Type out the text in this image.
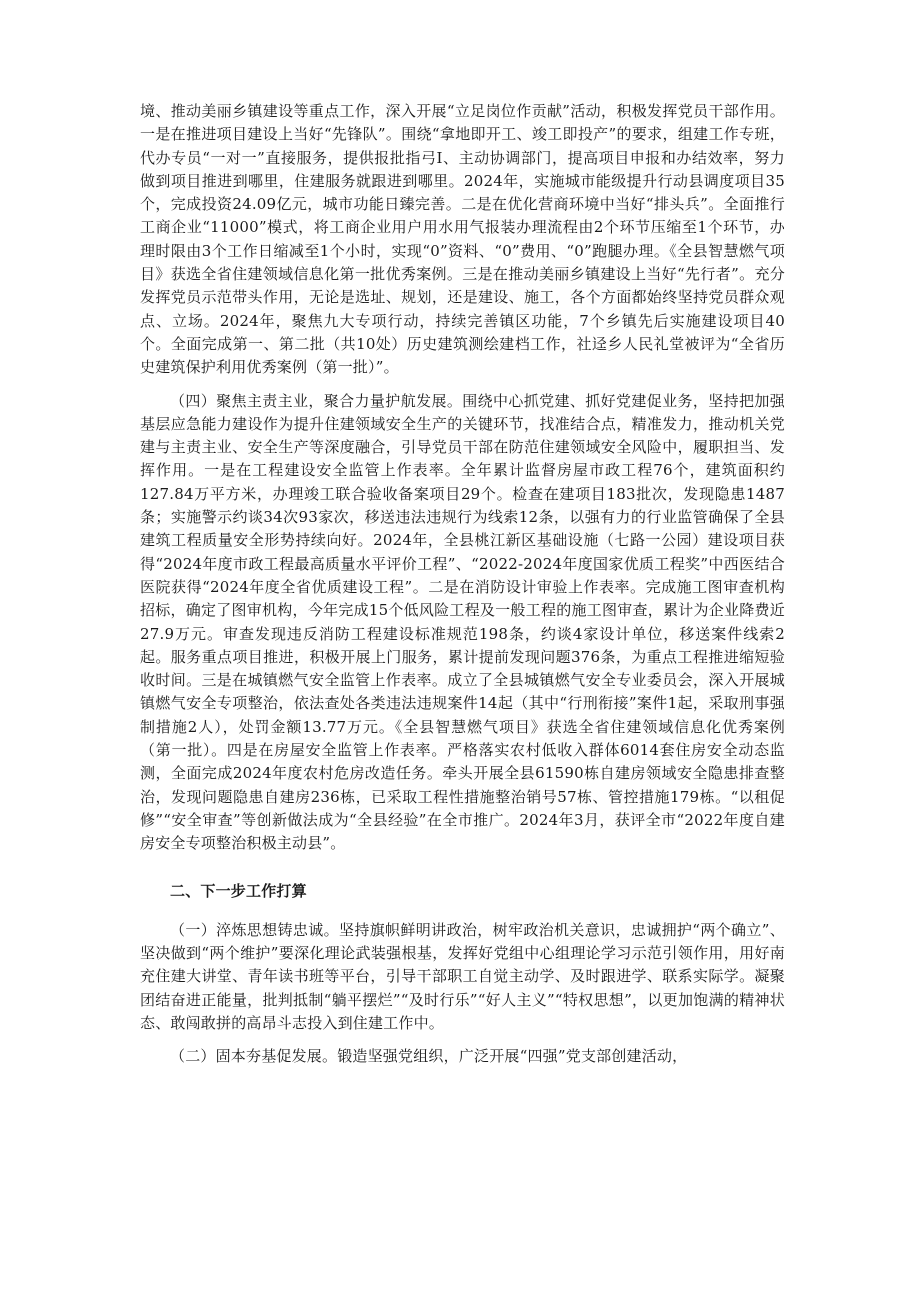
境、推动美丽乡镇建设等重点工作，深入开展“立足岗位作贡献”活动，积极发挥党员干部作用。一是在推进项目建设上当好“先锋队”。围绕“拿地即开工、竣工即投产”的要求，组建工作专班，代办专员“一对一”直接服务，提供报批指弓I、主动协调部门，提高项目申报和办结效率，努力做到项目推进到哪里，住建服务就跟进到哪里。2024年，实施城市能级提升行动县调度项目35个，完成投资24.09亿元，城市功能日臻完善。二是在优化营商环境中当好“排头兵”。全面推行工商企业“11000”模式，将工商企业用户用水用气报装办理流程由2个环节压缩至1个环节，办理时限由3个工作日缩减至1个小时，实现“0”资料、“0”费用、“0”跑腿办理。《全县智慧燃气项目》获选全省住建领域信息化第一批优秀案例。三是在推动美丽乡镇建设上当好“先行者”。充分发挥党员示范带头作用，无论是选址、规划，还是建设、施工，各个方面都始终坚持党员群众观点、立场。2024年，聚焦九大专项行动，持续完善镇区功能，7个乡镇先后实施建设项目40个。全面完成第一、第二批（共10处）历史建筑测绘建档工作，社迳乡人民礼堂被评为“全省历史建筑保护利用优秀案例（第一批）”。

（四）聚焦主责主业，聚合力量护航发展。围绕中心抓党建、抓好党建促业务，坚持把加强基层应急能力建设作为提升住建领域安全生产的关键环节，找准结合点，精准发力，推动机关党建与主责主业、安全生产等深度融合，引导党员干部在防范住建领域安全风险中，履职担当、发挥作用。一是在工程建设安全监管上作表率。全年累计监督房屋市政工程76个，建筑面积约127.84万平方米，办理竣工联合验收备案项目29个。检查在建项目183批次，发现隐患1487条；实施警示约谈34次93家次，移送违法违规行为线索12条，以强有力的行业监管确保了全县建筑工程质量安全形势持续向好。2024年，全县桃江新区基础设施（七路一公园）建设项目获得“2024年度市政工程最高质量水平评价工程”、“2022-2024年度国家优质工程奖”中西医结合医院获得“2024年度全省优质建设工程”。二是在消防设计审验上作表率。完成施工图审查机构招标，确定了图审机构，今年完成15个低风险工程及一般工程的施工图审查，累计为企业降费近27.9万元。审查发现违反消防工程建设标准规范198条，约谈4家设计单位，移送案件线索2起。服务重点项目推进，积极开展上门服务，累计提前发现问题376条，为重点工程推进缩短验收时间。三是在城镇燃气安全监管上作表率。成立了全县城镇燃气安全专业委员会，深入开展城镇燃气安全专项整治，依法查处各类违法违规案件14起（其中“行刑衔接”案件1起，采取刑事强制措施2人），处罚金额13.77万元。《全县智慧燃气项目》获选全省住建领域信息化优秀案例（第一批）。四是在房屋安全监管上作表率。严格落实农村低收入群体6014套住房安全动态监测，全面完成2024年度农村危房改造任务。牵头开展全县61590栋自建房领域安全隐患排查整治，发现问题隐患自建房236栋，已采取工程性措施整治销号57栋、管控措施179栋。“以租促修”“安全审查”等创新做法成为“全县经验”在全市推广。2024年3月，获评全市“2022年度自建房安全专项整治积极主动县”。

二、下一步工作打算

（一）淬炼思想铸忠诚。坚持旗帜鲜明讲政治，树牢政治机关意识，忠诚拥护“两个确立”、坚决做到“两个维护”要深化理论武装强根基，发挥好党组中心组理论学习示范引领作用，用好南充住建大讲堂、青年读书班等平台，引导干部职工自觉主动学、及时跟进学、联系实际学。凝聚团结奋进正能量，批判抵制“躺平摆烂”“及时行乐”“好人主义”“特权思想”，以更加饱满的精神状态、敢闯敢拼的高昂斗志投入到住建工作中。

（二）固本夯基促发展。锻造坚强党组织，广泛开展“四强”党支部创建活动，
